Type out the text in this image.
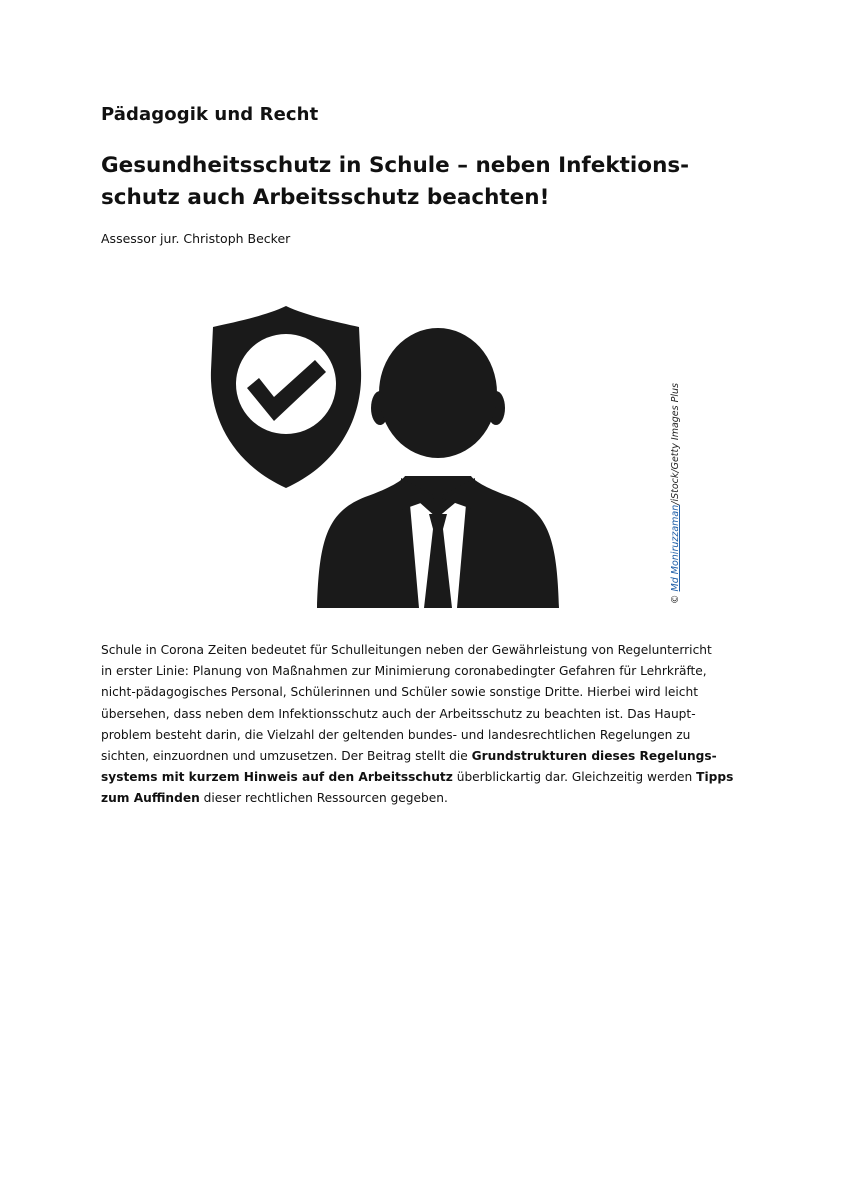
Pädagogik und Recht
Gesundheitsschutz in Schule – neben Infektions-
schutz auch Arbeitsschutz beachten!

Assessor jur. Christoph Becker

© Md Moniruzzaman/iStock/Getty Images Plus
Schule in Corona Zeiten bedeutet für Schulleitungen neben der Gewährleistung von Regelunterricht
in erster Linie: Planung von Maßnahmen zur Minimierung coronabedingter Gefahren für Lehrkräfte,
nicht-pädagogisches Personal, Schülerinnen und Schüler sowie sonstige Dritte. Hierbei wird leicht
übersehen, dass neben dem Infektionsschutz auch der Arbeitsschutz zu beachten ist. Das Haupt-
problem besteht darin, die Vielzahl der geltenden bundes- und landesrechtlichen Regelungen zu
sichten, einzuordnen und umzusetzen. Der Beitrag stellt die Grundstrukturen dieses Regelungs-
systems mit kurzem Hinweis auf den Arbeitsschutz überblickartig dar. Gleichzeitig werden Tipps
zum Auffinden dieser rechtlichen Ressourcen gegeben.
